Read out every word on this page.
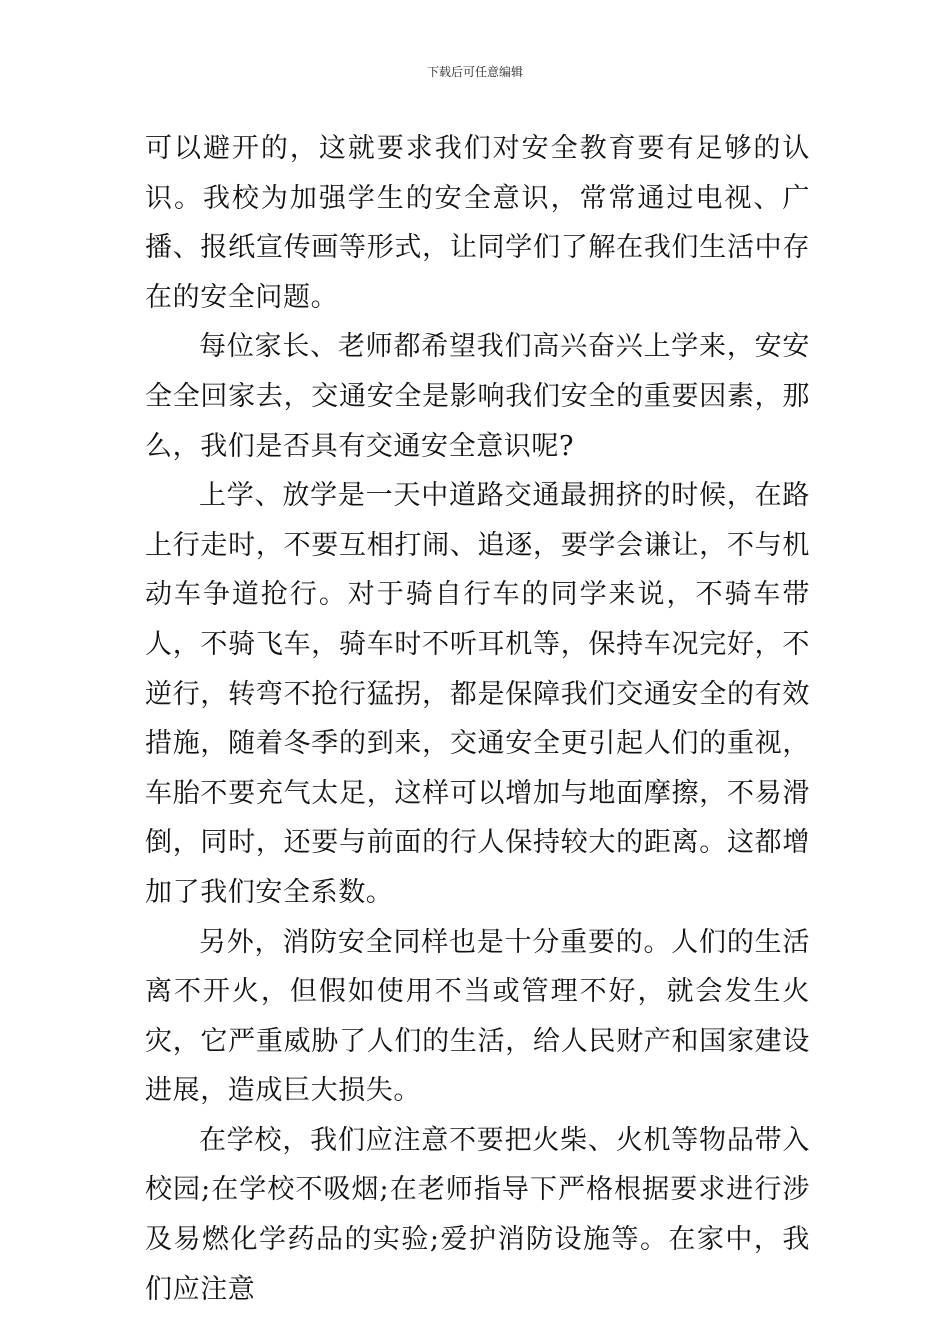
下载后可任意编辑

可以避开的，这就要求我们对安全教育要有足够的认识。我校为加强学生的安全意识，常常通过电视、广播、报纸宣传画等形式，让同学们了解在我们生活中存在的安全问题。

每位家长、老师都希望我们高兴奋兴上学来，安安全全回家去，交通安全是影响我们安全的重要因素，那么，我们是否具有交通安全意识呢?

上学、放学是一天中道路交通最拥挤的时候，在路上行走时，不要互相打闹、追逐，要学会谦让，不与机动车争道抢行。对于骑自行车的同学来说，不骑车带人，不骑飞车，骑车时不听耳机等，保持车况完好，不逆行，转弯不抢行猛拐，都是保障我们交通安全的有效措施，随着冬季的到来，交通安全更引起人们的重视，车胎不要充气太足，这样可以增加与地面摩擦，不易滑倒，同时，还要与前面的行人保持较大的距离。这都增加了我们安全系数。

另外，消防安全同样也是十分重要的。人们的生活离不开火，但假如使用不当或管理不好，就会发生火灾，它严重威胁了人们的生活，给人民财产和国家建设进展，造成巨大损失。

在学校，我们应注意不要把火柴、火机等物品带入校园;在学校不吸烟;在老师指导下严格根据要求进行涉及易燃化学药品的实验;爱护消防设施等。在家中，我们应注意
